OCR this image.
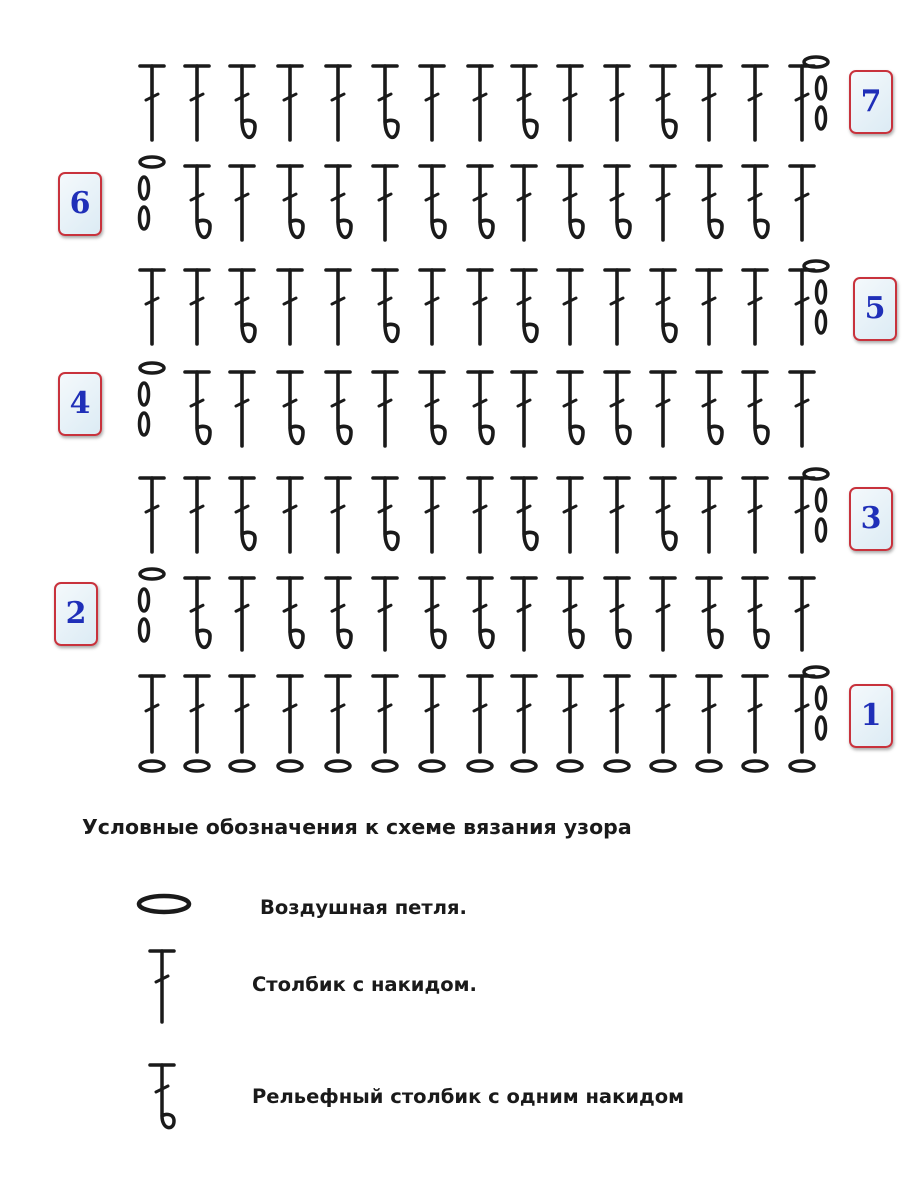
7
6
5
4
3
2
1
Условные обозначения к схеме вязания узора
Воздушная петля.
Столбик с накидом.
Рельефный столбик с одним накидом
